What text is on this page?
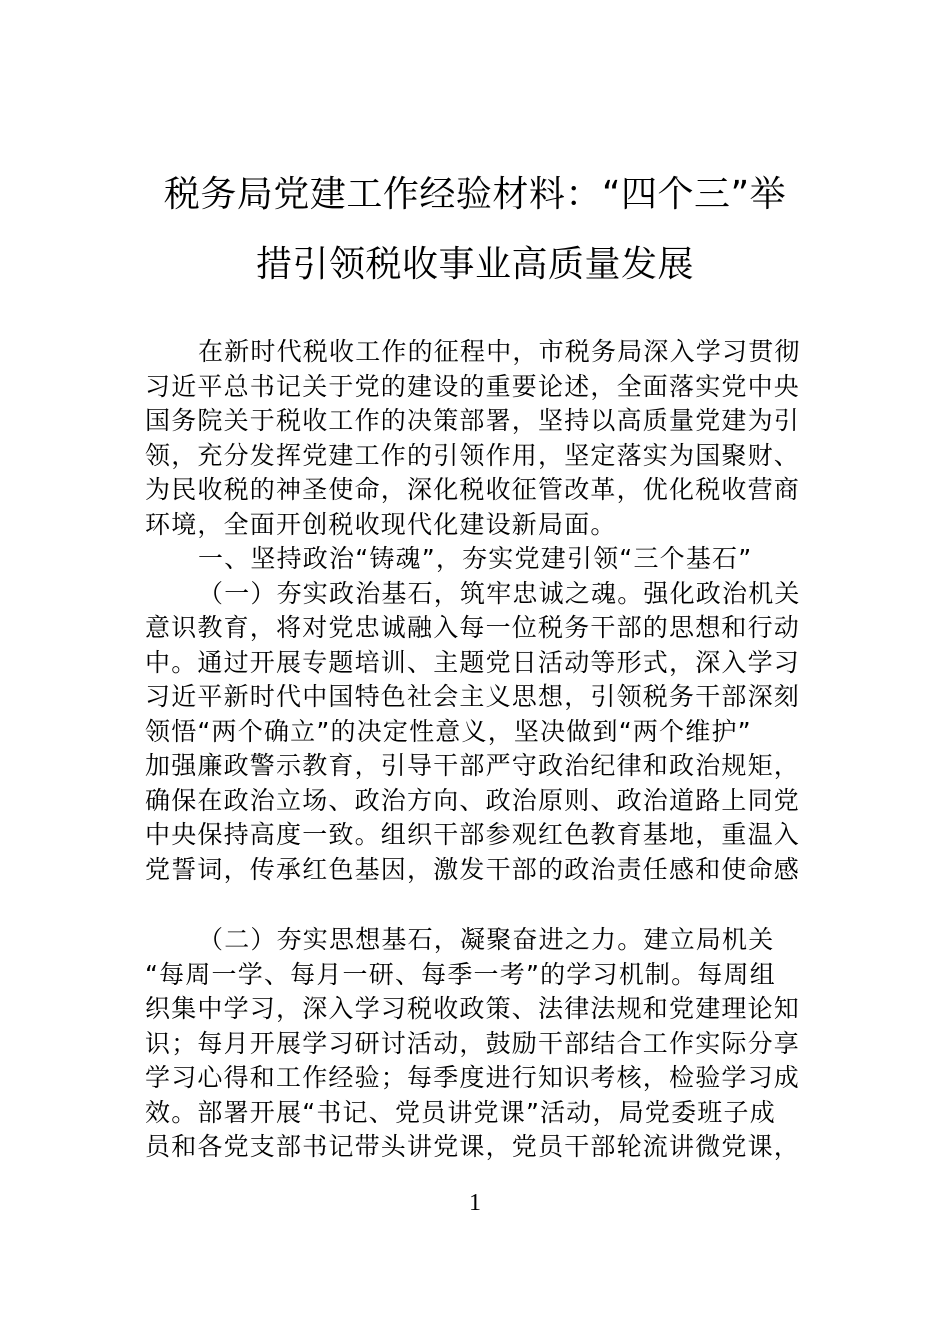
税务局党建工作经验材料：“四个三”举
措引领税收事业高质量发展
在新时代税收工作的征程中，市税务局深入学习贯彻
习近平总书记关于党的建设的重要论述，全面落实党中央
国务院关于税收工作的决策部署，坚持以高质量党建为引
领，充分发挥党建工作的引领作用，坚定落实为国聚财、
为民收税的神圣使命，深化税收征管改革，优化税收营商
环境，全面开创税收现代化建设新局面。
一、坚持政治“铸魂”，夯实党建引领“三个基石”
（一）夯实政治基石，筑牢忠诚之魂。强化政治机关
意识教育，将对党忠诚融入每一位税务干部的思想和行动
中。通过开展专题培训、主题党日活动等形式，深入学习
习近平新时代中国特色社会主义思想，引领税务干部深刻
领悟“两个确立”的决定性意义，坚决做到“两个维护”
加强廉政警示教育，引导干部严守政治纪律和政治规矩，
确保在政治立场、政治方向、政治原则、政治道路上同党
中央保持高度一致。组织干部参观红色教育基地，重温入
党誓词，传承红色基因，激发干部的政治责任感和使命感
（二）夯实思想基石，凝聚奋进之力。建立局机关
“每周一学、每月一研、每季一考”的学习机制。每周组
织集中学习，深入学习税收政策、法律法规和党建理论知
识；每月开展学习研讨活动，鼓励干部结合工作实际分享
学习心得和工作经验；每季度进行知识考核，检验学习成
效。部署开展“书记、党员讲党课”活动，局党委班子成
员和各党支部书记带头讲党课，党员干部轮流讲微党课，
1
